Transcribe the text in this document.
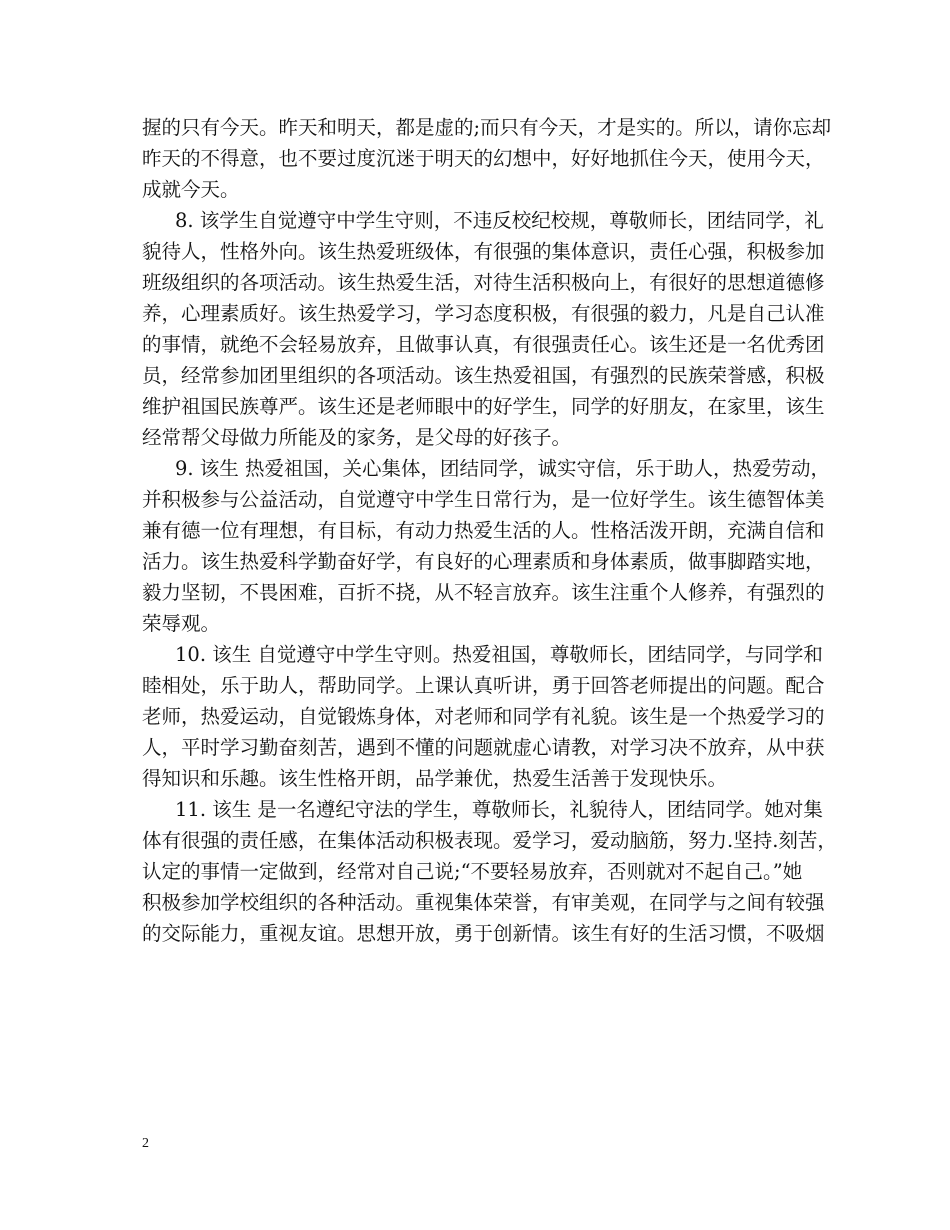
握的只有今天。昨天和明天，都是虚的;而只有今天，才是实的。所以，请你忘却
昨天的不得意，也不要过度沉迷于明天的幻想中，好好地抓住今天，使用今天，
成就今天。

8. 该学生自觉遵守中学生守则，不违反校纪校规，尊敬师长，团结同学，礼
貌待人，性格外向。该生热爱班级体，有很强的集体意识，责任心强，积极参加
班级组织的各项活动。该生热爱生活，对待生活积极向上，有很好的思想道德修
养，心理素质好。该生热爱学习，学习态度积极，有很强的毅力，凡是自己认准
的事情，就绝不会轻易放弃，且做事认真，有很强责任心。该生还是一名优秀团
员，经常参加团里组织的各项活动。该生热爱祖国，有强烈的民族荣誉感，积极
维护祖国民族尊严。该生还是老师眼中的好学生，同学的好朋友，在家里，该生
经常帮父母做力所能及的家务，是父母的好孩子。

9. 该生 热爱祖国，关心集体，团结同学，诚实守信，乐于助人，热爱劳动，
并积极参与公益活动，自觉遵守中学生日常行为，是一位好学生。该生德智体美
兼有德一位有理想，有目标，有动力热爱生活的人。性格活泼开朗，充满自信和
活力。该生热爱科学勤奋好学，有良好的心理素质和身体素质，做事脚踏实地，
毅力坚韧，不畏困难，百折不挠，从不轻言放弃。该生注重个人修养，有强烈的
荣辱观。

10. 该生 自觉遵守中学生守则。热爱祖国，尊敬师长，团结同学，与同学和
睦相处，乐于助人，帮助同学。上课认真听讲，勇于回答老师提出的问题。配合
老师，热爱运动，自觉锻炼身体，对老师和同学有礼貌。该生是一个热爱学习的
人，平时学习勤奋刻苦，遇到不懂的问题就虚心请教，对学习决不放弃，从中获
得知识和乐趣。该生性格开朗，品学兼优，热爱生活善于发现快乐。

11. 该生 是一名遵纪守法的学生，尊敬师长，礼貌待人，团结同学。她对集
体有很强的责任感，在集体活动积极表现。爱学习，爱动脑筋，努力.坚持.刻苦，
认定的事情一定做到，经常对自己说;“不要轻易放弃，否则就对不起自己。”她
积极参加学校组织的各种活动。重视集体荣誉，有审美观，在同学与之间有较强
的交际能力，重视友谊。思想开放，勇于创新情。该生有好的生活习惯，不吸烟

2
